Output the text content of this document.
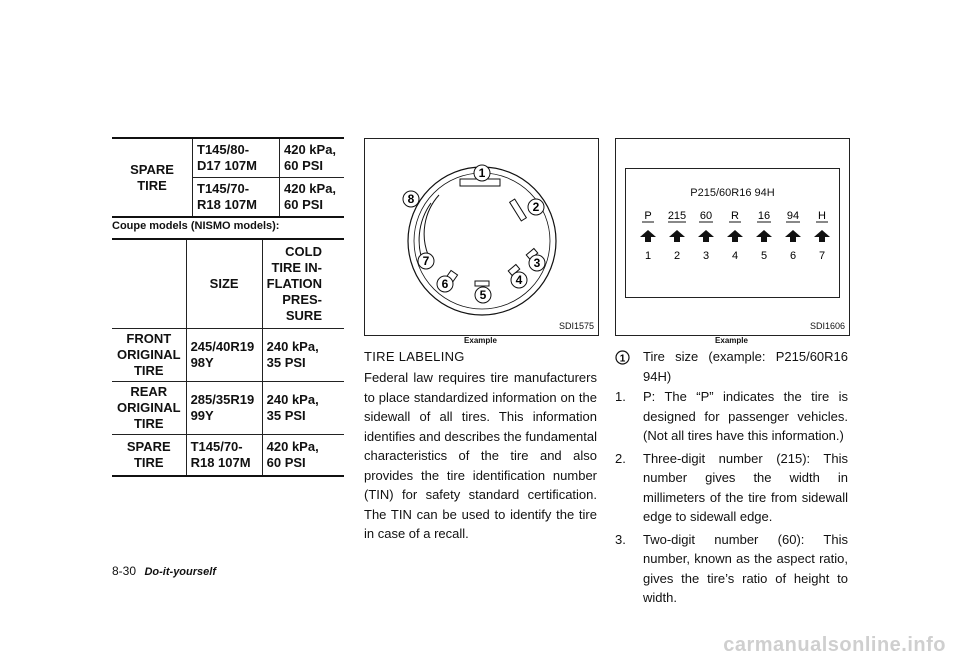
SPARE
TIRE	T145/80-
D17 107M	420 kPa,
60 PSI
	T145/70-
R18 107M	420 kPa,
60 PSI
Coupe models (NISMO models):
	SIZE	COLD
TIRE IN-
FLATION
PRES-
SURE
FRONT
ORIGINAL
TIRE	245/40R19
98Y	240 kPa,
35 PSI
REAR
ORIGINAL
TIRE	285/35R19
99Y	240 kPa,
35 PSI
SPARE
TIRE	T145/70-
R18 107M	420 kPa,
60 PSI
1
2
3
4
5
6
7
8
SDI1575
Example
TIRE LABELING
Federal law requires tire manufacturers to place standardized information on the sidewall of all tires. This information identifies and describes the fundamental characteristics of the tire and also provides the tire identification number (TIN) for safety standard certification. The TIN can be used to identify the tire in case of a recall.
P215/60R16 94H
P 215 60 R 16 94 H
1 2 3 4 5 6 7
SDI1606
Example
1	Tire size (example: P215/60R16 94H)
1. P: The “P” indicates the tire is designed for passenger vehicles. (Not all tires have this information.)
2. Three-digit number (215): This number gives the width in millimeters of the tire from sidewall edge to sidewall edge.
3. Two-digit number (60): This number, known as the aspect ratio, gives the tire’s ratio of height to width.
8-30 Do-it-yourself
carmanualsonline.info
